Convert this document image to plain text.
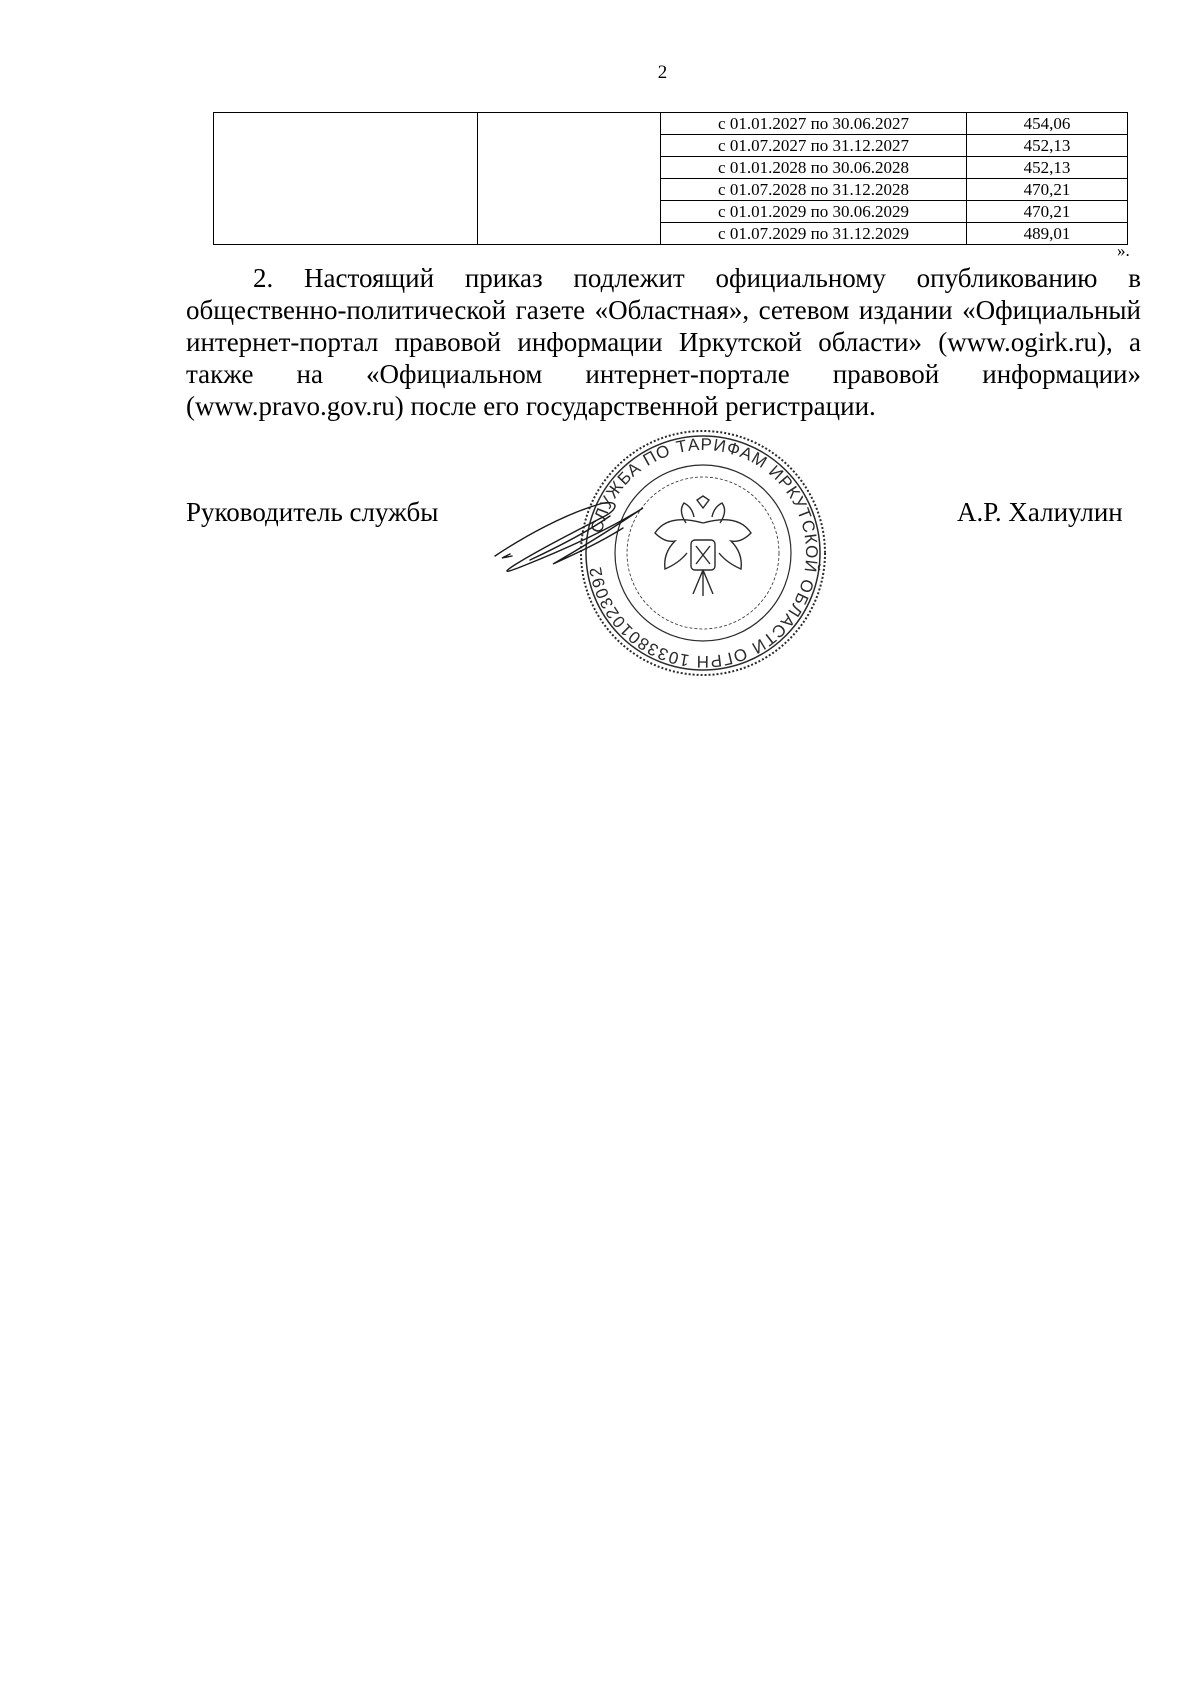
2
		с 01.01.2027 по 30.06.2027	454,06
		с 01.07.2027 по 31.12.2027	452,13
		с 01.01.2028 по 30.06.2028	452,13
		с 01.07.2028 по 31.12.2028	470,21
		с 01.01.2029 по 30.06.2029	470,21
		с 01.07.2029 по 31.12.2029	489,01
».

2. Настоящий приказ подлежит официальному опубликованию в общественно-политической газете «Областная», сетевом издании «Официальный интернет-портал правовой информации Иркутской области» (www.ogirk.ru), а также на «Официальном интернет-портале правовой информации» (www.pravo.gov.ru) после его государственной регистрации.

Руководитель службы	А.Р. Халиулин
СЛУЖБА ПО ТАРИФАМ ИРКУТСКОЙ ОБЛАСТИ ОГРН 1033801023092
